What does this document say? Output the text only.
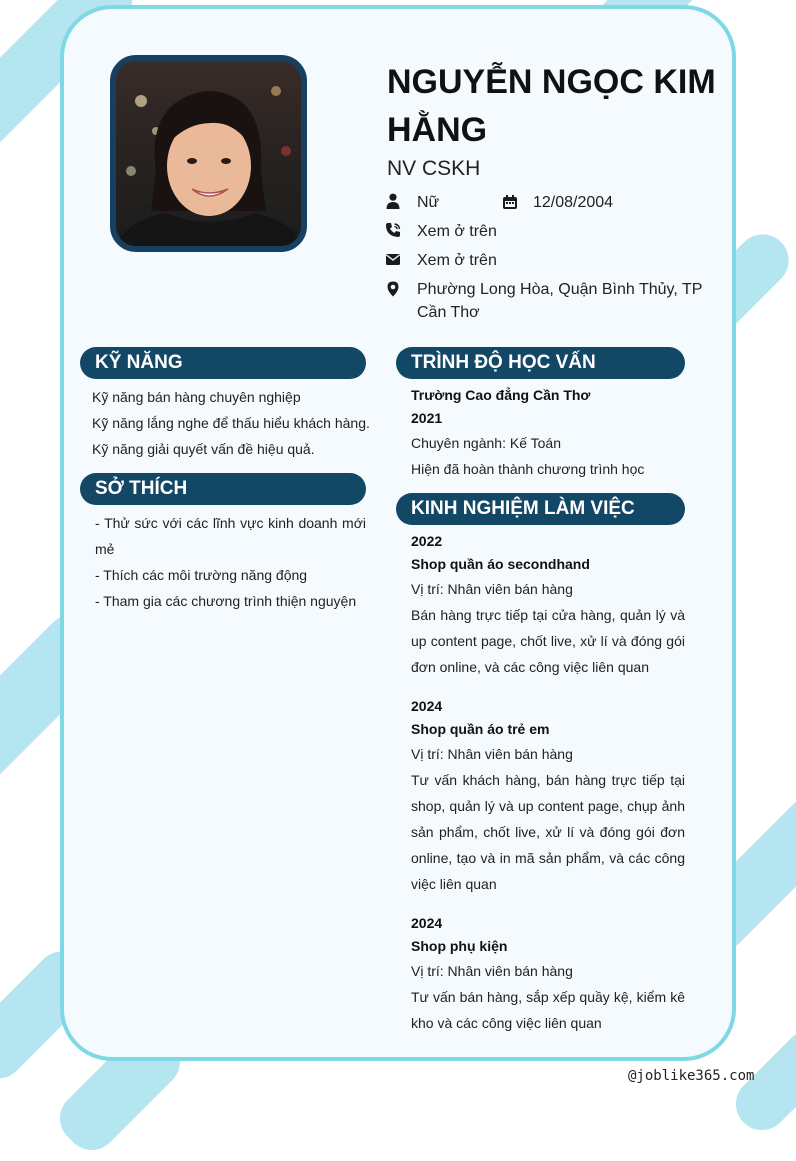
NGUYỄN NGỌC KIM HẰNG
NV CSKH
Nữ	12/08/2004
Xem ở trên
Xem ở trên
Phường Long Hòa, Quận Bình Thủy, TP Cần Thơ
KỸ NĂNG
Kỹ năng bán hàng chuyên nghiệp
Kỹ năng lắng nghe để thấu hiểu khách hàng.
Kỹ năng giải quyết vấn đề hiệu quả.
SỞ THÍCH
- Thử sức với các lĩnh vực kinh doanh mới mẻ
- Thích các môi trường năng động
- Tham gia các chương trình thiện nguyện
TRÌNH ĐỘ HỌC VẤN
Trường Cao đẳng Cần Thơ
2021
Chuyên ngành: Kế Toán
Hiện đã hoàn thành chương trình học
KINH NGHIỆM LÀM VIỆC
2022
Shop quần áo secondhand
Vị trí: Nhân viên bán hàng
Bán hàng trực tiếp tại cửa hàng, quản lý và up content page, chốt live, xử lí và đóng gói đơn online, và các công việc liên quan
2024
Shop quần áo trẻ em
Vị trí: Nhân viên bán hàng
Tư vấn khách hàng, bán hàng trực tiếp tại shop, quản lý và up content page, chụp ảnh sản phẩm, chốt live, xử lí và đóng gói đơn online, tạo và in mã sản phẩm, và các công việc liên quan
2024
Shop phụ kiện
Vị trí: Nhân viên bán hàng
Tư vấn bán hàng, sắp xếp quầy kệ, kiểm kê kho và các công việc liên quan
@joblike365.com
